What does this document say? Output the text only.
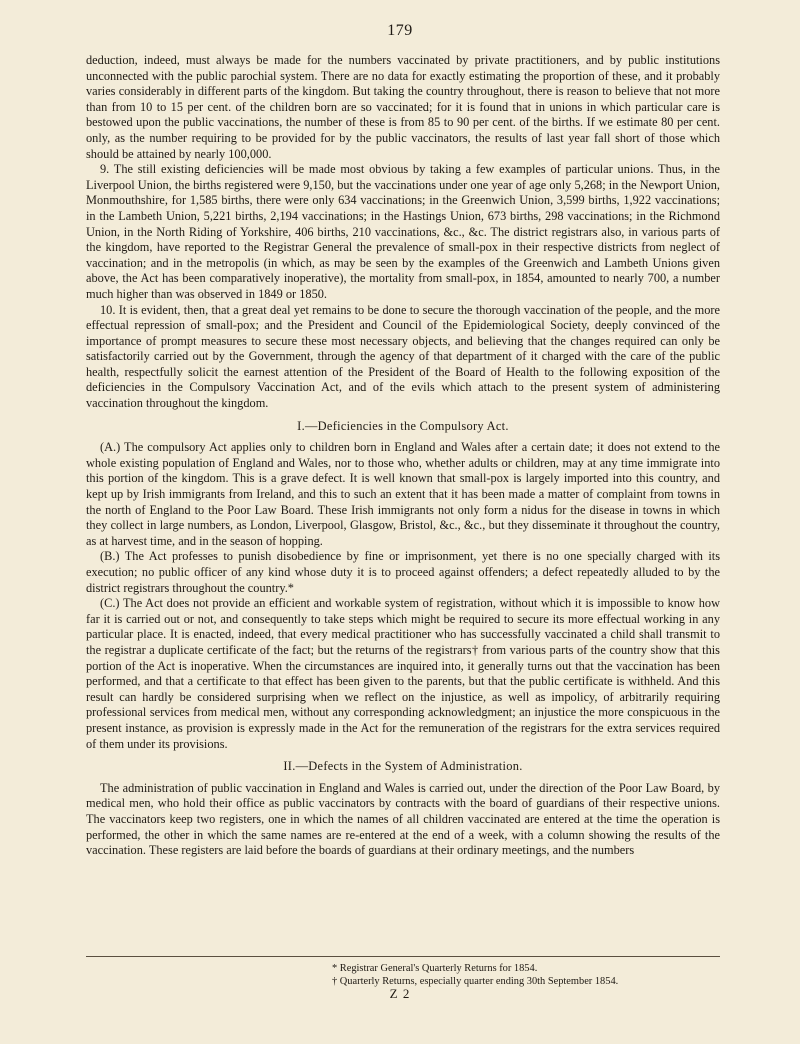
179

deduction, indeed, must always be made for the numbers vaccinated by private practitioners, and by public institutions unconnected with the public parochial system. There are no data for exactly estimating the proportion of these, and it probably varies considerably in different parts of the kingdom. But taking the country throughout, there is reason to believe that not more than from 10 to 15 per cent. of the children born are so vaccinated; for it is found that in unions in which particular care is bestowed upon the public vaccinations, the number of these is from 85 to 90 per cent. of the births. If we estimate 80 per cent. only, as the number requiring to be provided for by the public vaccinators, the results of last year fall short of those which should be attained by nearly 100,000.

9. The still existing deficiencies will be made most obvious by taking a few examples of particular unions. Thus, in the Liverpool Union, the births registered were 9,150, but the vaccinations under one year of age only 5,268; in the Newport Union, Monmouthshire, for 1,585 births, there were only 634 vaccinations; in the Greenwich Union, 3,599 births, 1,922 vaccinations; in the Lambeth Union, 5,221 births, 2,194 vaccinations; in the Hastings Union, 673 births, 298 vaccinations; in the Richmond Union, in the North Riding of Yorkshire, 406 births, 210 vaccinations, &c., &c. The district registrars also, in various parts of the kingdom, have reported to the Registrar General the prevalence of small-pox in their respective districts from neglect of vaccination; and in the metropolis (in which, as may be seen by the examples of the Greenwich and Lambeth Unions given above, the Act has been comparatively inoperative), the mortality from small-pox, in 1854, amounted to nearly 700, a number much higher than was observed in 1849 or 1850.

10. It is evident, then, that a great deal yet remains to be done to secure the thorough vaccination of the people, and the more effectual repression of small-pox; and the President and Council of the Epidemiological Society, deeply convinced of the importance of prompt measures to secure these most necessary objects, and believing that the changes required can only be satisfactorily carried out by the Government, through the agency of that department of it charged with the care of the public health, respectfully solicit the earnest attention of the President of the Board of Health to the following exposition of the deficiencies in the Compulsory Vaccination Act, and of the evils which attach to the present system of administering vaccination throughout the kingdom.

I.—Deficiencies in the Compulsory Act.

(A.) The compulsory Act applies only to children born in England and Wales after a certain date; it does not extend to the whole existing population of England and Wales, nor to those who, whether adults or children, may at any time immigrate into this portion of the kingdom. This is a grave defect. It is well known that small-pox is largely imported into this country, and kept up by Irish immigrants from Ireland, and this to such an extent that it has been made a matter of complaint from towns in the north of England to the Poor Law Board. These Irish immigrants not only form a nidus for the disease in towns in which they collect in large numbers, as London, Liverpool, Glasgow, Bristol, &c., &c., but they disseminate it throughout the country, as at harvest time, and in the season of hopping.

(B.) The Act professes to punish disobedience by fine or imprisonment, yet there is no one specially charged with its execution; no public officer of any kind whose duty it is to proceed against offenders; a defect repeatedly alluded to by the district registrars throughout the country.*

(C.) The Act does not provide an efficient and workable system of registration, without which it is impossible to know how far it is carried out or not, and consequently to take steps which might be required to secure its more effectual working in any particular place. It is enacted, indeed, that every medical practitioner who has successfully vaccinated a child shall transmit to the registrar a duplicate certificate of the fact; but the returns of the registrars† from various parts of the country show that this portion of the Act is inoperative. When the circumstances are inquired into, it generally turns out that the vaccination has been performed, and that a certificate to that effect has been given to the parents, but that the public certificate is withheld. And this result can hardly be considered surprising when we reflect on the injustice, as well as impolicy, of arbitrarily requiring professional services from medical men, without any corresponding acknowledgment; an injustice the more conspicuous in the present instance, as provision is expressly made in the Act for the remuneration of the registrars for the extra services required of them under its provisions.

II.—Defects in the System of Administration.

The administration of public vaccination in England and Wales is carried out, under the direction of the Poor Law Board, by medical men, who hold their office as public vaccinators by contracts with the board of guardians of their respective unions. The vaccinators keep two registers, one in which the names of all children vaccinated are entered at the time the operation is performed, the other in which the same names are re-entered at the end of a week, with a column showing the results of the vaccination. These registers are laid before the boards of guardians at their ordinary meetings, and the numbers

* Registrar General's Quarterly Returns for 1854.
† Quarterly Returns, especially quarter ending 30th September 1854.
Z 2
